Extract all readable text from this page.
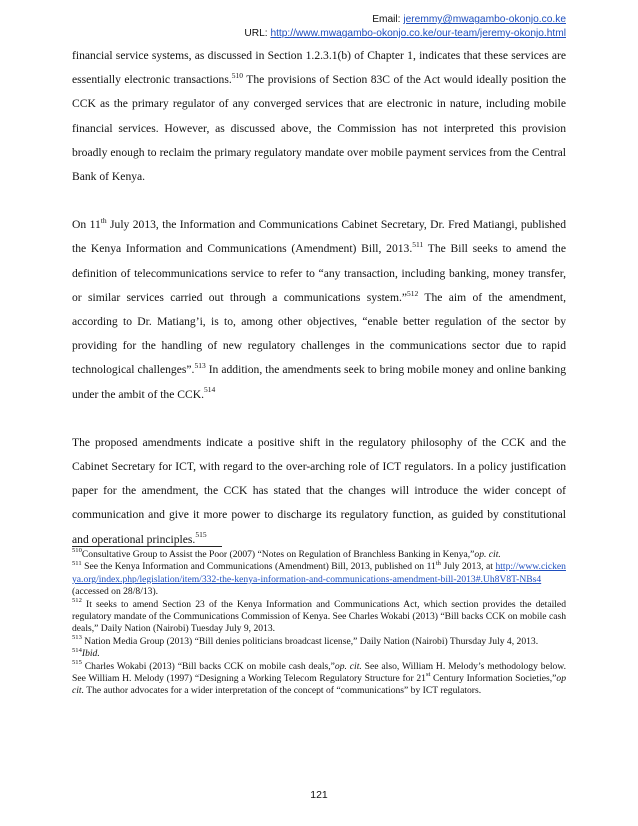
Email: jeremmy@mwagambo-okonjo.co.ke
URL: http://www.mwagambo-okonjo.co.ke/our-team/jeremy-okonjo.html

financial service systems, as discussed in Section 1.2.3.1(b) of Chapter 1, indicates that these services are essentially electronic transactions.$^{510}$ The provisions of Section 83C of the Act would ideally position the CCK as the primary regulator of any converged services that are electronic in nature, including mobile financial services. However, as discussed above, the Commission has not interpreted this provision broadly enough to reclaim the primary regulatory mandate over mobile payment services from the Central Bank of Kenya.

On 11th July 2013, the Information and Communications Cabinet Secretary, Dr. Fred Matiangi, published the Kenya Information and Communications (Amendment) Bill, 2013.$^{511}$ The Bill seeks to amend the definition of telecommunications service to refer to “any transaction, including banking, money transfer, or similar services carried out through a communications system.”$^{512}$ The aim of the amendment, according to Dr. Matiang’i, is to, among other objectives, “enable better regulation of the sector by providing for the handling of new regulatory challenges in the communications sector due to rapid technological challenges”.$^{513}$ In addition, the amendments seek to bring mobile money and online banking under the ambit of the CCK.$^{514}$

The proposed amendments indicate a positive shift in the regulatory philosophy of the CCK and the Cabinet Secretary for ICT, with regard to the over-arching role of ICT regulators. In a policy justification paper for the amendment, the CCK has stated that the changes will introduce the wider concept of communication and give it more power to discharge its regulatory function, as guided by constitutional and operational principles.$^{515}$

$^{510}$Consultative Group to Assist the Poor (2007) “Notes on Regulation of Branchless Banking in Kenya,”op. cit.

$^{511}$ See the Kenya Information and Communications (Amendment) Bill, 2013, published on 11th July 2013, at http://www.cickenya.org/index.php/legislation/item/332-the-kenya-information-and-communications-amendment-bill-2013#.Uh8V8T-NBs4 (accessed on 28/8/13).

$^{512}$ It seeks to amend Section 23 of the Kenya Information and Communications Act, which section provides the detailed regulatory mandate of the Communications Commission of Kenya. See Charles Wokabi (2013) “Bill backs CCK on mobile cash deals,” Daily Nation (Nairobi) Tuesday July 9, 2013.

$^{513}$ Nation Media Group (2013) “Bill denies politicians broadcast license,” Daily Nation (Nairobi) Thursday July 4, 2013.

$^{514}$Ibid.

$^{515}$ Charles Wokabi (2013) “Bill backs CCK on mobile cash deals,”op. cit. See also, William H. Melody’s methodology below. See William H. Melody (1997) “Designing a Working Telecom Regulatory Structure for 21st Century Information Societies,”op cit. The author advocates for a wider interpretation of the concept of “communications” by ICT regulators.

121
